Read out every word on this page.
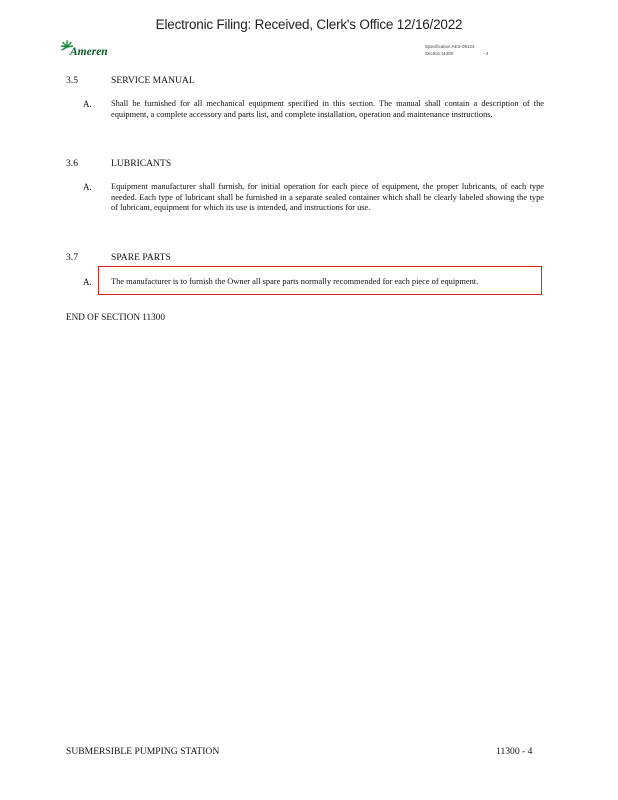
Electronic Filing: Received, Clerk's Office 12/16/2022
Ameren	Specification AES-09123
Section 11300	- 4
3.5	SERVICE MANUAL
A. Shall be furnished for all mechanical equipment specified in this section. The manual shall contain a description of the equipment, a complete accessory and parts list, and complete installation, operation and maintenance instructions.
3.6	LUBRICANTS
A. Equipment manufacturer shall furnish, for initial operation for each piece of equipment, the proper lubricants, of each type needed. Each type of lubricant shall be furnished in a separate sealed container which shall be clearly labeled showing the type of lubricant, equipment for which its use is intended, and instructions for use.
3.7	SPARE PARTS
A. The manufacturer is to furnish the Owner all spare parts normally recommended for each piece of equipment.
END OF SECTION 11300
SUBMERSIBLE PUMPING STATION	11300 - 4
